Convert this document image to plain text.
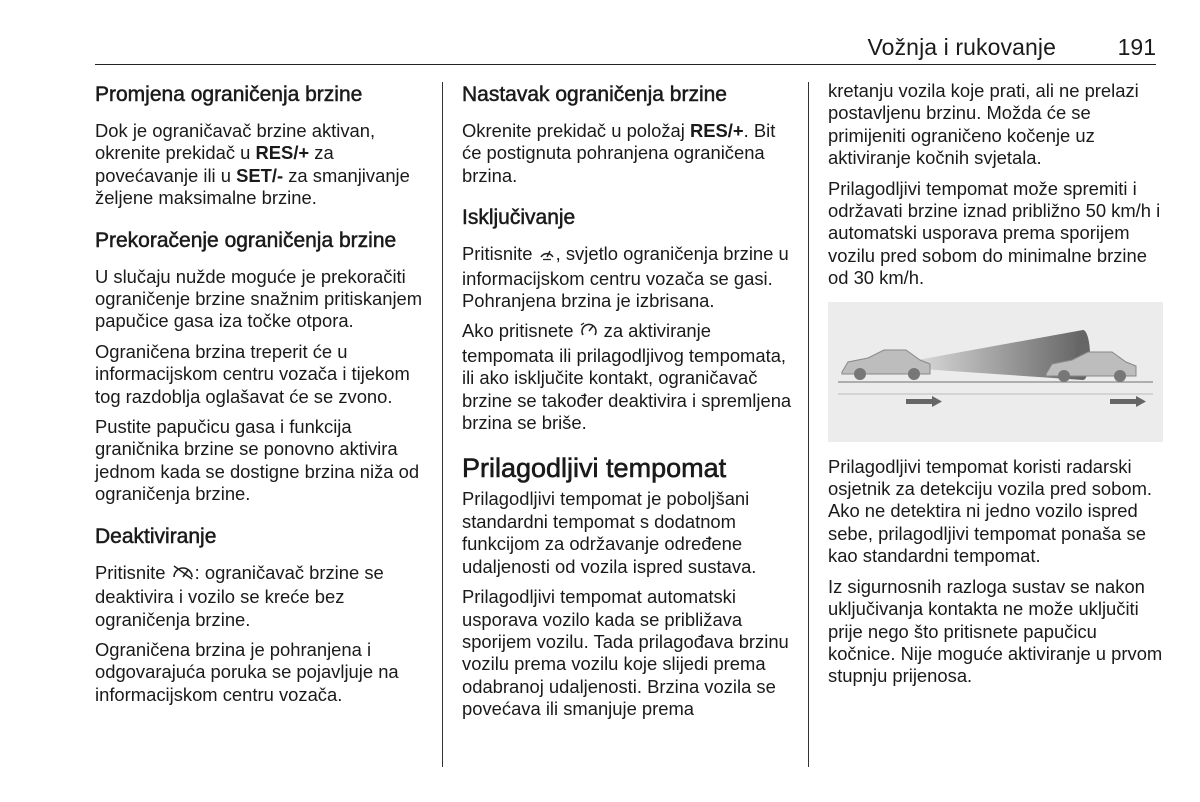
Vožnja i rukovanje	191
Promjena ograničenja brzine

Dok je ograničavač brzine aktivan, okrenite prekidač u RES/+ za povećavanje ili u SET/- za smanjivanje željene maksimalne brzine.

Prekoračenje ograničenja brzine

U slučaju nužde moguće je prekoračiti ograničenje brzine snažnim pritiskanjem papučice gasa iza točke otpora.

Ograničena brzina treperit će u informacijskom centru vozača i tijekom tog razdoblja oglašavat će se zvono.

Pustite papučicu gasa i funkcija graničnika brzine se ponovno aktivira jednom kada se dostigne brzina niža od ograničenja brzine.

Deaktiviranje

Pritisnite : ograničavač brzine se deaktivira i vozilo se kreće bez ograničenja brzine.

Ograničena brzina je pohranjena i odgovarajuća poruka se pojavljuje na informacijskom centru vozača.

Nastavak ograničenja brzine

Okrenite prekidač u položaj RES/+. Bit će postignuta pohranjena ograničena brzina.

Isključivanje

Pritisnite , svjetlo ograničenja brzine u informacijskom centru vozača se gasi. Pohranjena brzina je izbrisana.

Ako pritisnete  za aktiviranje tempomata ili prilagodljivog tempomata, ili ako isključite kontakt, ograničavač brzine se također deaktivira i spremljena brzina se briše.

Prilagodljivi tempomat

Prilagodljivi tempomat je poboljšani standardni tempomat s dodatnom funkcijom za održavanje određene udaljenosti od vozila ispred sustava.

Prilagodljivi tempomat automatski usporava vozilo kada se približava sporijem vozilu. Tada prilagođava brzinu vozilu prema vozilu koje slijedi prema odabranoj udaljenosti. Brzina vozila se povećava ili smanjuje prema

kretanju vozila koje prati, ali ne prelazi postavljenu brzinu. Možda će se primijeniti ograničeno kočenje uz aktiviranje kočnih svjetala.

Prilagodljivi tempomat može spremiti i održavati brzine iznad približno 50 km/h i automatski usporava prema sporijem vozilu pred sobom do minimalne brzine od 30 km/h.

Prilagodljivi tempomat koristi radarski osjetnik za detekciju vozila pred sobom. Ako ne detektira ni jedno vozilo ispred sebe, prilagodljivi tempomat ponaša se kao standardni tempomat.

Iz sigurnosnih razloga sustav se nakon uključivanja kontakta ne može uključiti prije nego što pritisnete papučicu kočnice. Nije moguće aktiviranje u prvom stupnju prijenosa.
